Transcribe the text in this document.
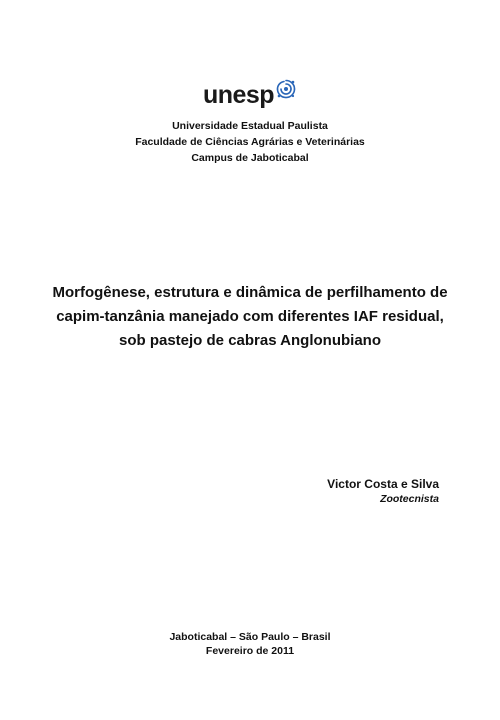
unesp
Universidade Estadual Paulista
Faculdade de Ciências Agrárias e Veterinárias
Campus de Jaboticabal
Morfogênese, estrutura e dinâmica de perfilhamento de
capim-tanzânia manejado com diferentes IAF residual,
sob pastejo de cabras Anglonubiano
Victor Costa e Silva
Zootecnista
Jaboticabal – São Paulo – Brasil
Fevereiro de 2011
